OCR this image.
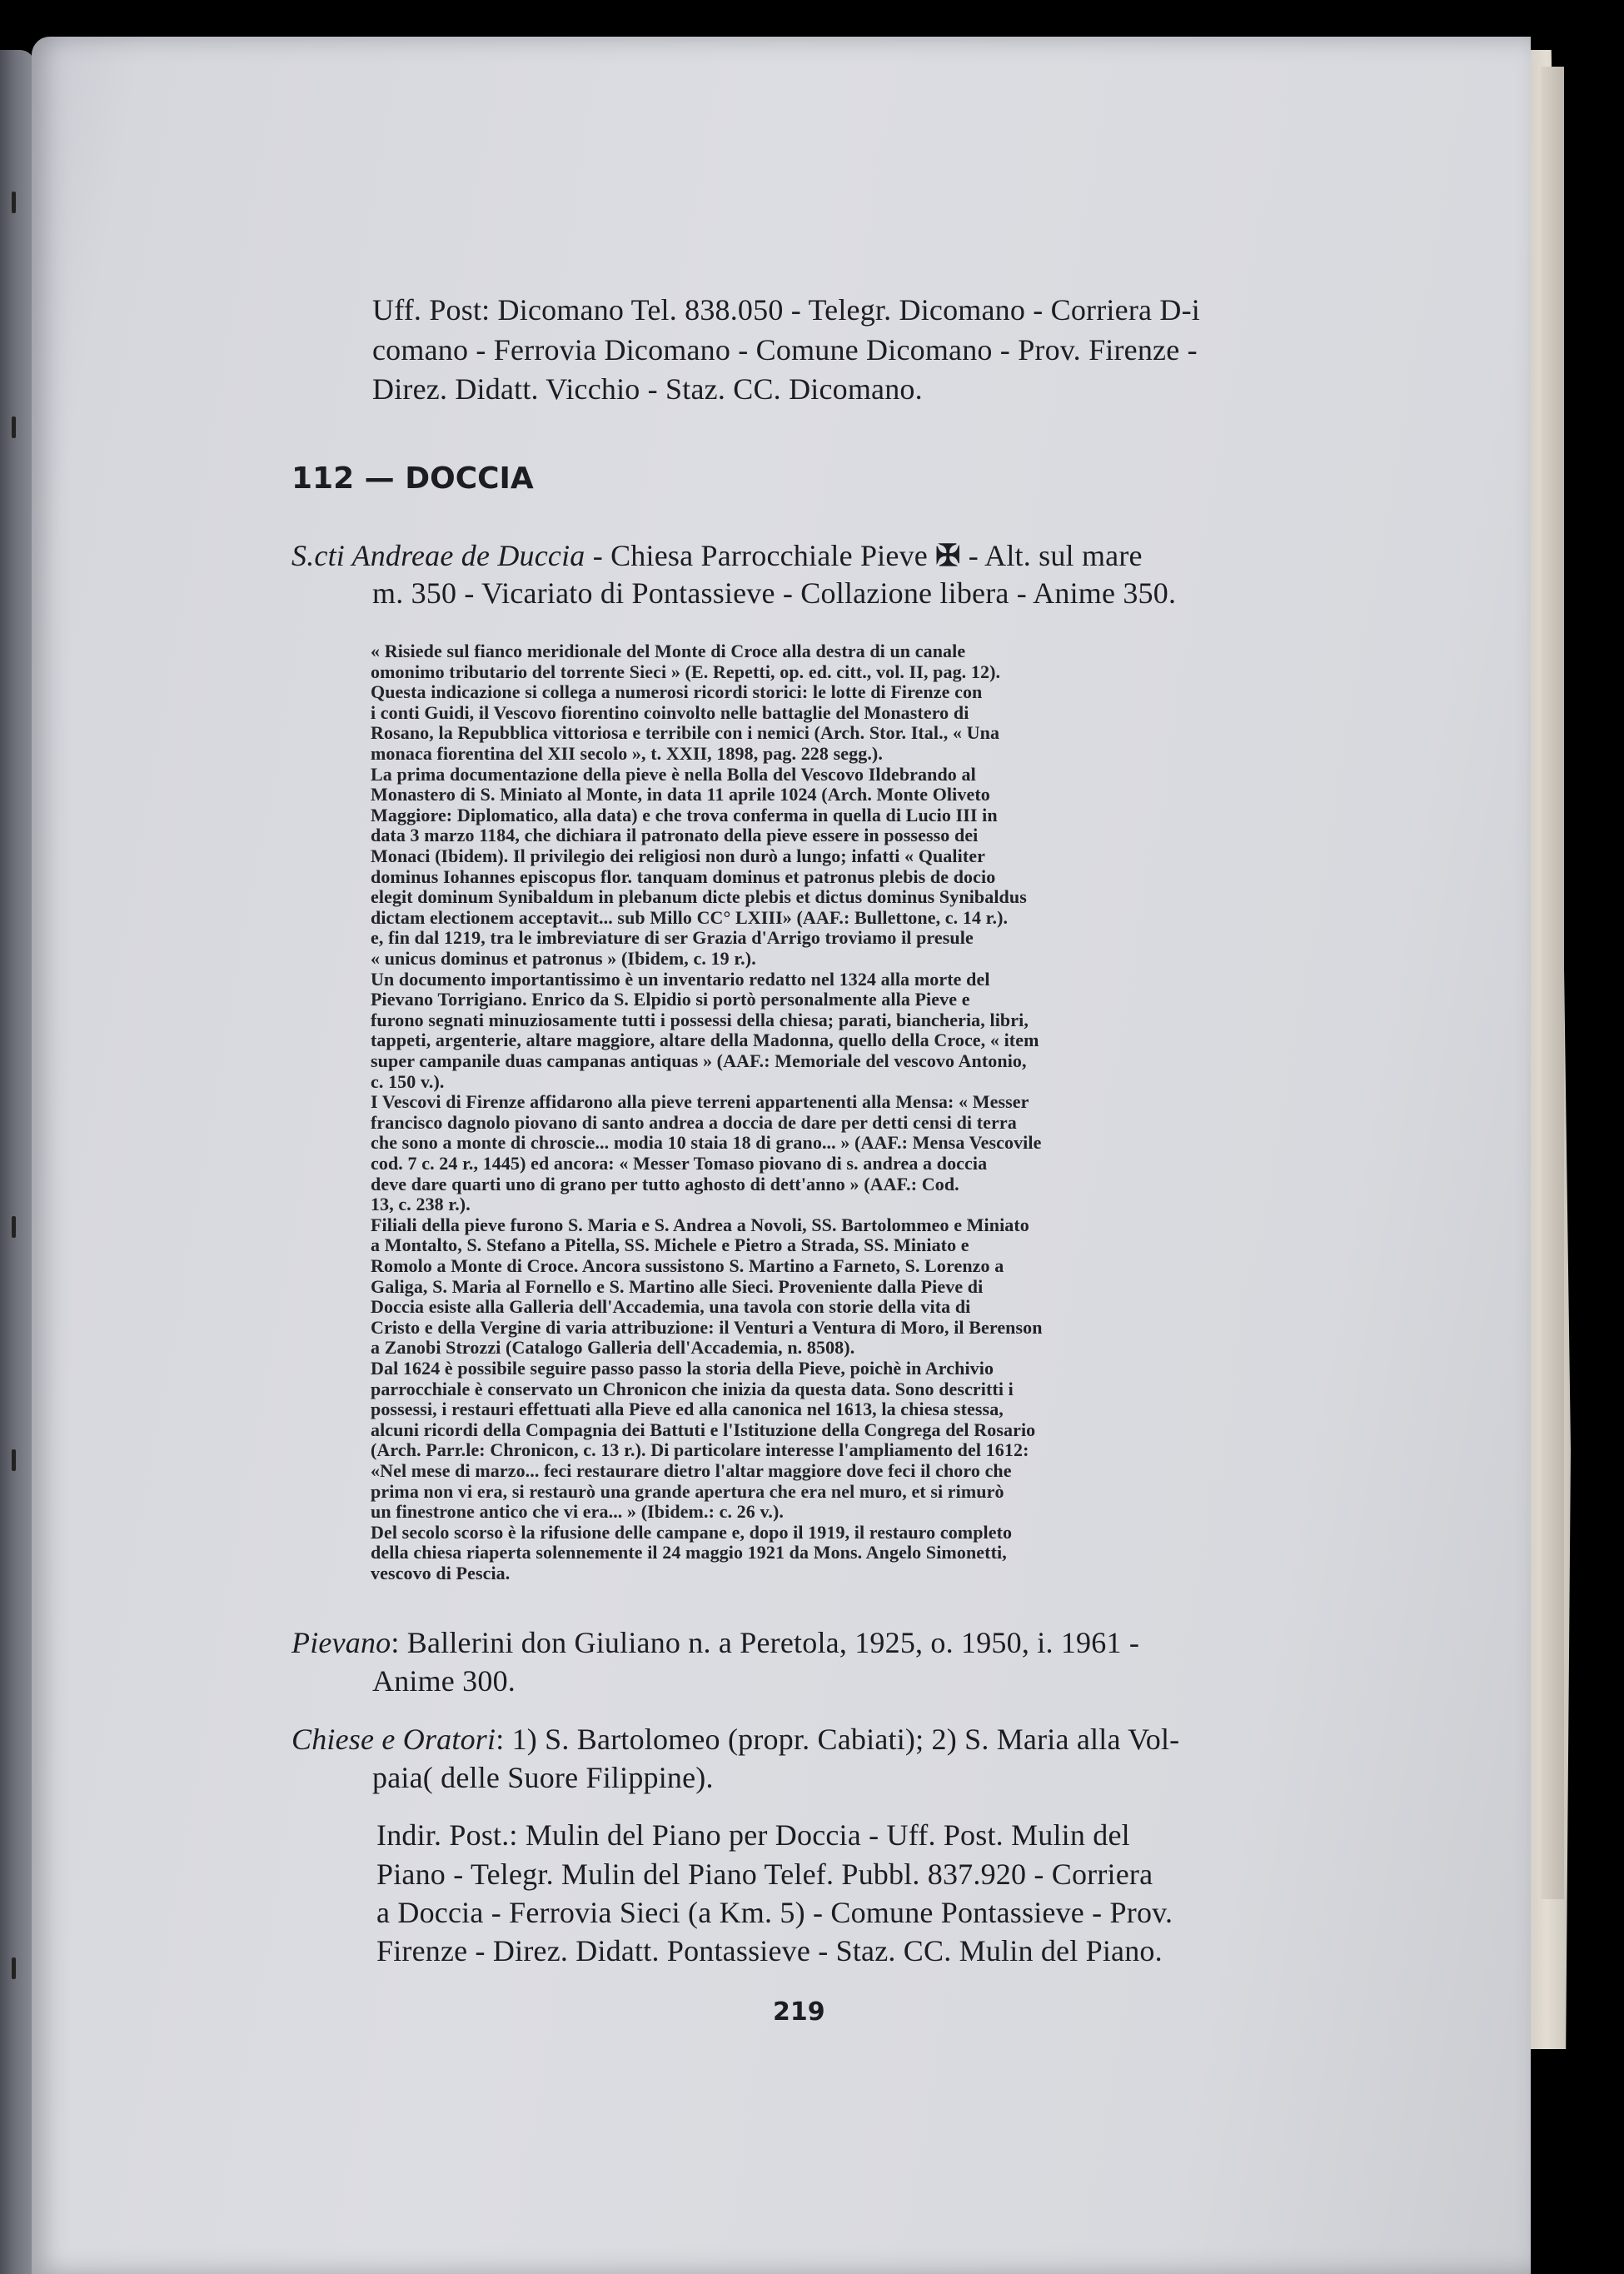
Uff. Post: Dicomano Tel. 838.050 - Telegr. Dicomano - Corriera D-i
comano - Ferrovia Dicomano - Comune Dicomano - Prov. Firenze -
Direz. Didatt. Vicchio - Staz. CC. Dicomano.
112 — DOCCIA
S.cti Andreae de Duccia - Chiesa Parrocchiale Pieve ✠ - Alt. sul mare
m. 350 - Vicariato di Pontassieve - Collazione libera - Anime 350.
« Risiede sul fianco meridionale del Monte di Croce alla destra di un canale
omonimo tributario del torrente Sieci » (E. Repetti, op. ed. citt., vol. II, pag. 12).
Questa indicazione si collega a numerosi ricordi storici: le lotte di Firenze con
i conti Guidi, il Vescovo fiorentino coinvolto nelle battaglie del Monastero di
Rosano, la Repubblica vittoriosa e terribile con i nemici (Arch. Stor. Ital., « Una
monaca fiorentina del XII secolo », t. XXII, 1898, pag. 228 segg.).
La prima documentazione della pieve è nella Bolla del Vescovo Ildebrando al
Monastero di S. Miniato al Monte, in data 11 aprile 1024 (Arch. Monte Oliveto
Maggiore: Diplomatico, alla data) e che trova conferma in quella di Lucio III in
data 3 marzo 1184, che dichiara il patronato della pieve essere in possesso dei
Monaci (Ibidem). Il privilegio dei religiosi non durò a lungo; infatti « Qualiter
dominus Iohannes episcopus flor. tanquam dominus et patronus plebis de docio
elegit dominum Synibaldum in plebanum dicte plebis et dictus dominus Synibaldus
dictam electionem acceptavit... sub Millo CC° LXIII» (AAF.: Bullettone, c. 14 r.).
e, fin dal 1219, tra le imbreviature di ser Grazia d'Arrigo troviamo il presule
« unicus dominus et patronus » (Ibidem, c. 19 r.).
Un documento importantissimo è un inventario redatto nel 1324 alla morte del
Pievano Torrigiano. Enrico da S. Elpidio si portò personalmente alla Pieve e
furono segnati minuziosamente tutti i possessi della chiesa; parati, biancheria, libri,
tappeti, argenterie, altare maggiore, altare della Madonna, quello della Croce, « item
super campanile duas campanas antiquas » (AAF.: Memoriale del vescovo Antonio,
c. 150 v.).
I Vescovi di Firenze affidarono alla pieve terreni appartenenti alla Mensa: « Messer
francisco dagnolo piovano di santo andrea a doccia de dare per detti censi di terra
che sono a monte di chroscie... modia 10 staia 18 di grano... » (AAF.: Mensa Vescovile
cod. 7 c. 24 r., 1445) ed ancora: « Messer Tomaso piovano di s. andrea a doccia
deve dare quarti uno di grano per tutto aghosto di dett'anno » (AAF.: Cod.
13, c. 238 r.).
Filiali della pieve furono S. Maria e S. Andrea a Novoli, SS. Bartolommeo e Miniato
a Montalto, S. Stefano a Pitella, SS. Michele e Pietro a Strada, SS. Miniato e
Romolo a Monte di Croce. Ancora sussistono S. Martino a Farneto, S. Lorenzo a
Galiga, S. Maria al Fornello e S. Martino alle Sieci. Proveniente dalla Pieve di
Doccia esiste alla Galleria dell'Accademia, una tavola con storie della vita di
Cristo e della Vergine di varia attribuzione: il Venturi a Ventura di Moro, il Berenson
a Zanobi Strozzi (Catalogo Galleria dell'Accademia, n. 8508).
Dal 1624 è possibile seguire passo passo la storia della Pieve, poichè in Archivio
parrocchiale è conservato un Chronicon che inizia da questa data. Sono descritti i
possessi, i restauri effettuati alla Pieve ed alla canonica nel 1613, la chiesa stessa,
alcuni ricordi della Compagnia dei Battuti e l'Istituzione della Congrega del Rosario
(Arch. Parr.le: Chronicon, c. 13 r.). Di particolare interesse l'ampliamento del 1612:
«Nel mese di marzo... feci restaurare dietro l'altar maggiore dove feci il choro che
prima non vi era, si restaurò una grande apertura che era nel muro, et si rimurò
un finestrone antico che vi era... » (Ibidem.: c. 26 v.).
Del secolo scorso è la rifusione delle campane e, dopo il 1919, il restauro completo
della chiesa riaperta solennemente il 24 maggio 1921 da Mons. Angelo Simonetti,
vescovo di Pescia.
Pievano: Ballerini don Giuliano n. a Peretola, 1925, o. 1950, i. 1961 -
Anime 300.
Chiese e Oratori: 1) S. Bartolomeo (propr. Cabiati); 2) S. Maria alla Vol-
paia( delle Suore Filippine).
Indir. Post.: Mulin del Piano per Doccia - Uff. Post. Mulin del
Piano - Telegr. Mulin del Piano Telef. Pubbl. 837.920 - Corriera
a Doccia - Ferrovia Sieci (a Km. 5) - Comune Pontassieve - Prov.
Firenze - Direz. Didatt. Pontassieve - Staz. CC. Mulin del Piano.
219
